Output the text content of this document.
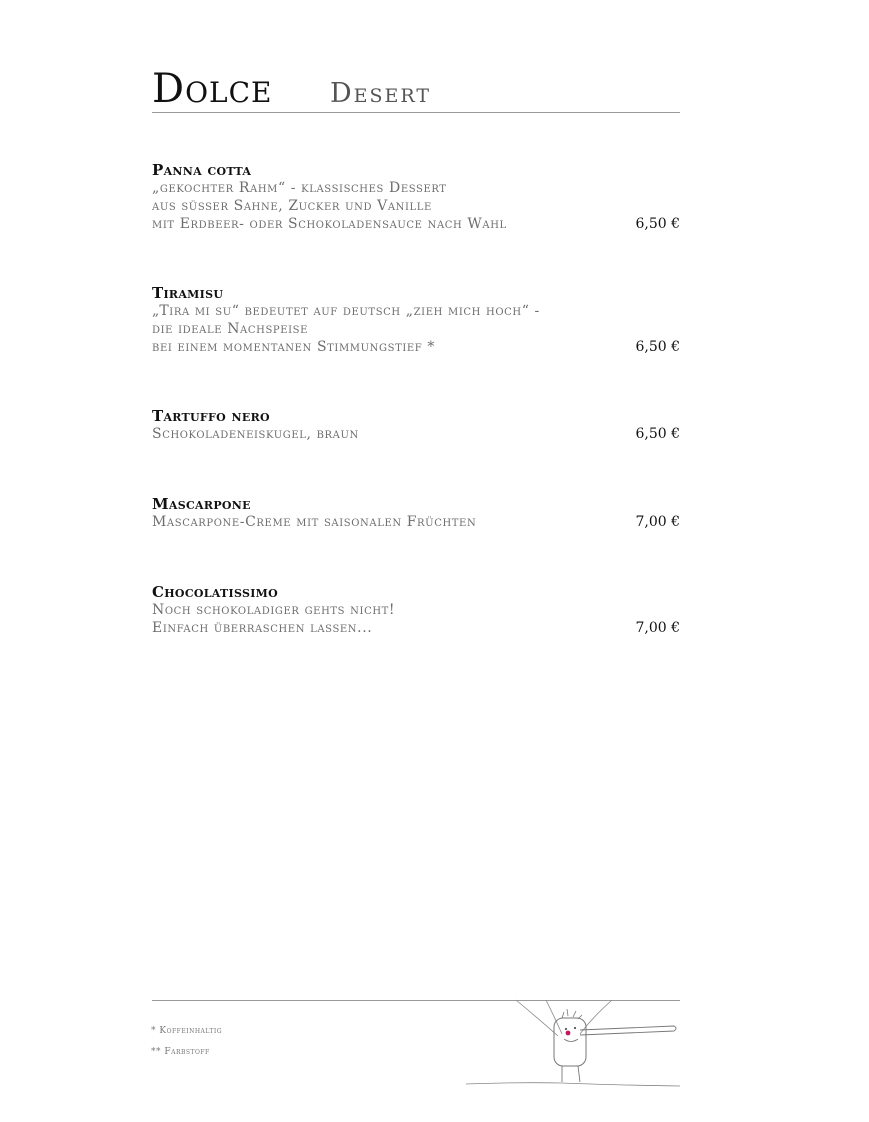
Dolce Desert
Panna cotta
„gekochter Rahm“ - klassisches Dessert
aus süsser Sahne, Zucker und Vanille
mit Erdbeer- oder Schokoladensauce nach Wahl	6,50 €
Tiramisu
„Tira mi su“ bedeutet auf deutsch „zieh mich hoch“ -
die ideale Nachspeise
bei einem momentanen Stimmungstief *	6,50 €
Tartuffo nero
Schokoladeneiskugel, braun	6,50 €
Mascarpone
Mascarpone-Creme mit saisonalen Früchten	7,00 €
Chocolatissimo
Noch schokoladiger gehts nicht!
Einfach überraschen lassen...	7,00 €
* Koffeinhaltig
** Farbstoff
